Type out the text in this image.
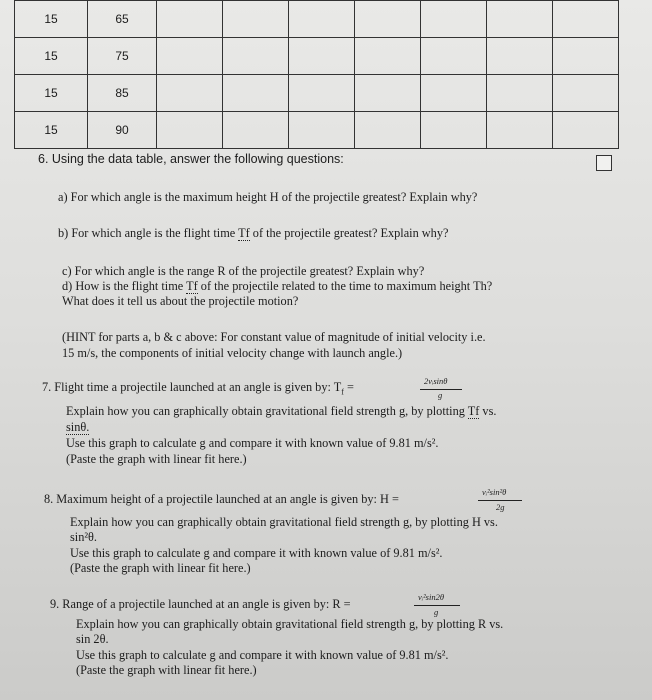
15	65							
15	75							
15	85							
15	90							
6. Using the data table, answer the following questions:
a) For which angle is the maximum height H of the projectile greatest? Explain why?
b) For which angle is the flight time Tf of the projectile greatest? Explain why?
c) For which angle is the range R of the projectile greatest? Explain why?
d) How is the flight time Tf of the projectile related to the time to maximum height Th?
What does it tell us about the projectile motion?
(HINT for parts a, b & c above: For constant value of magnitude of initial velocity i.e.
15 m/s, the components of initial velocity change with launch angle.)
7. Flight time a projectile launched at an angle is given by: $T_f$ =	2vᵢsinθ
g
Explain how you can graphically obtain gravitational field strength g, by plotting Tf vs.
sinθ.
Use this graph to calculate g and compare it with known value of 9.81 m/s².
(Paste the graph with linear fit here.)
8. Maximum height of a projectile launched at an angle is given by: H =	vᵢ²sin²θ
2g
Explain how you can graphically obtain gravitational field strength g, by plotting H vs.
sin²θ.
Use this graph to calculate g and compare it with known value of 9.81 m/s².
(Paste the graph with linear fit here.)
9. Range of a projectile launched at an angle is given by: R =	vᵢ²sin2θ
g
Explain how you can graphically obtain gravitational field strength g, by plotting R vs.
sin 2θ.
Use this graph to calculate g and compare it with known value of 9.81 m/s².
(Paste the graph with linear fit here.)
